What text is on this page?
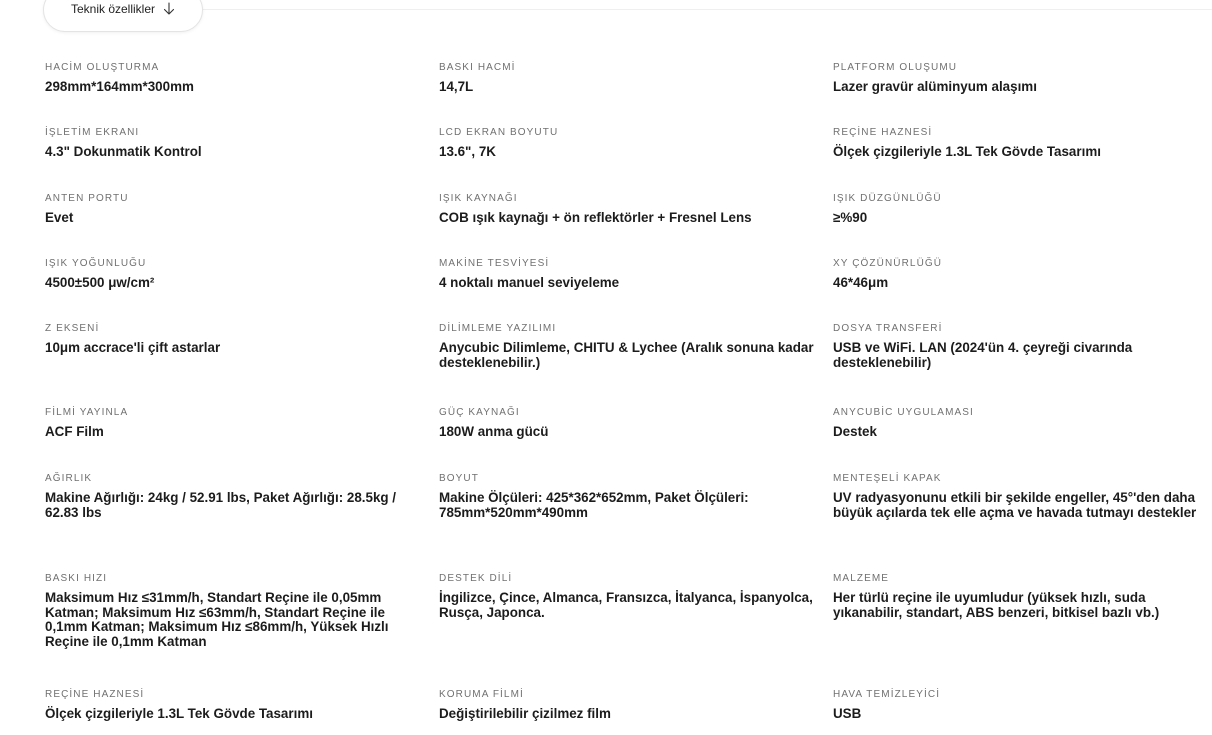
Teknik özellikler
HACİM OLUŞTURMA
298mm*164mm*300mm
BASKI HACMİ
14,7L
PLATFORM OLUŞUMU
Lazer gravür alüminyum alaşımı
İŞLETİM EKRANI
4.3" Dokunmatik Kontrol
LCD EKRAN BOYUTU
13.6", 7K
REÇİNE HAZNESİ
Ölçek çizgileriyle 1.3L Tek Gövde Tasarımı
ANTEN PORTU
Evet
IŞIK KAYNAĞI
COB ışık kaynağı + ön reflektörler + Fresnel Lens
IŞIK DÜZGÜNLÜĞÜ
≥%90
IŞIK YOĞUNLUĞU
4500±500 μw/cm²
MAKİNE TESVİYESİ
4 noktalı manuel seviyeleme
XY ÇÖZÜNÜRLÜĞÜ
46*46μm
Z EKSENİ
10μm accrace'li çift astarlar
DİLİMLEME YAZILIMI
Anycubic Dilimleme, CHITU & Lychee (Aralık sonuna kadar desteklenebilir.)
DOSYA TRANSFERİ
USB ve WiFi. LAN (2024'ün 4. çeyreği civarında desteklenebilir)
FİLMİ YAYINLA
ACF Film
GÜÇ KAYNAĞI
180W anma gücü
ANYCUBİC UYGULAMASI
Destek
AĞIRLIK
Makine Ağırlığı: 24kg / 52.91 lbs, Paket Ağırlığı: 28.5kg / 62.83 lbs
BOYUT
Makine Ölçüleri: 425*362*652mm, Paket Ölçüleri: 785mm*520mm*490mm
MENTEŞELİ KAPAK
UV radyasyonunu etkili bir şekilde engeller, 45°'den daha büyük açılarda tek elle açma ve havada tutmayı destekler
BASKI HIZI
Maksimum Hız ≤31mm/h, Standart Reçine ile 0,05mm Katman; Maksimum Hız ≤63mm/h, Standart Reçine ile 0,1mm Katman; Maksimum Hız ≤86mm/h, Yüksek Hızlı Reçine ile 0,1mm Katman
DESTEK DİLİ
İngilizce, Çince, Almanca, Fransızca, İtalyanca, İspanyolca, Rusça, Japonca.
MALZEME
Her türlü reçine ile uyumludur (yüksek hızlı, suda yıkanabilir, standart, ABS benzeri, bitkisel bazlı vb.)
REÇİNE HAZNESİ
Ölçek çizgileriyle 1.3L Tek Gövde Tasarımı
KORUMA FİLMİ
Değiştirilebilir çizilmez film
HAVA TEMİZLEYİCİ
USB
